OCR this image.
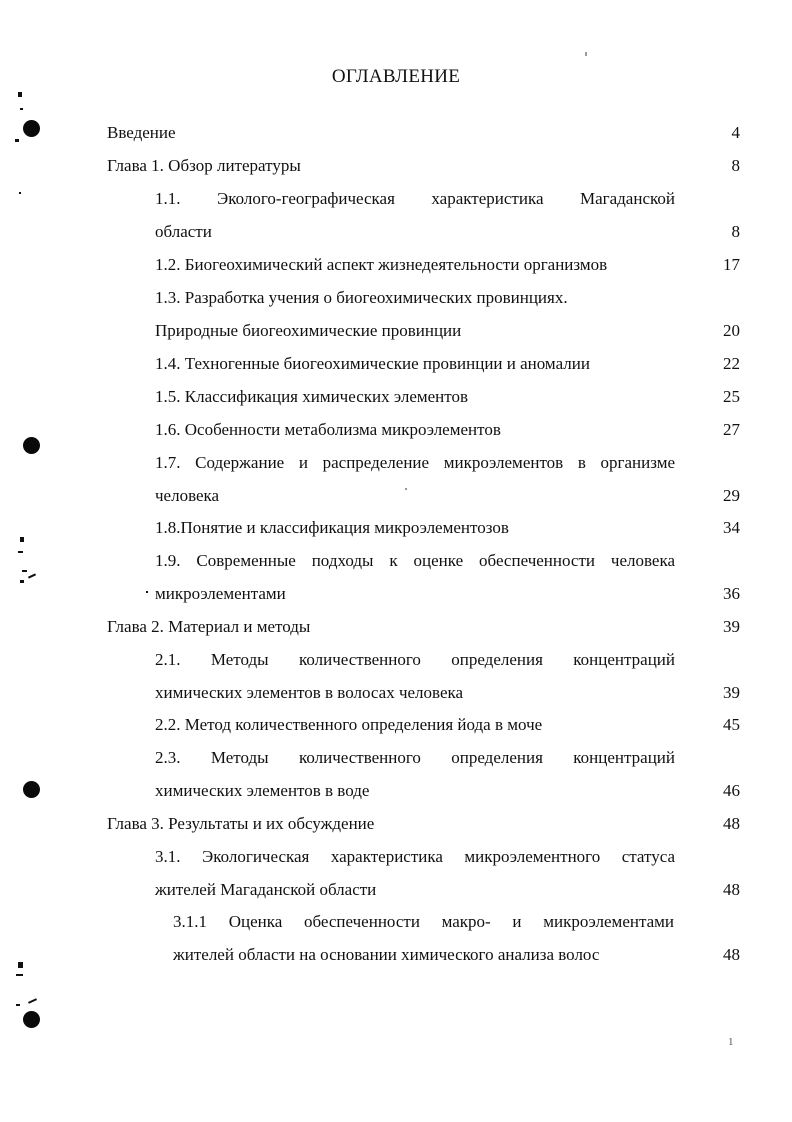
ОГЛАВЛЕНИЕ
Введение	4
Глава 1. Обзор литературы	8
1.1. Эколого-географическая характеристика Магаданской
области	8
1.2. Биогеохимический аспект жизнедеятельности организмов	17
1.3. Разработка учения о биогеохимических провинциях.
Природные биогеохимические провинции	20
1.4. Техногенные биогеохимические провинции и аномалии	22
1.5. Классификация химических элементов	25
1.6. Особенности метаболизма микроэлементов	27
1.7. Содержание и распределение микроэлементов в организме
человека	29
1.8.Понятие и классификация микроэлементозов	34
1.9. Современные подходы к оценке обеспеченности человека
микроэлементами	36
Глава 2. Материал и методы	39
2.1. Методы количественного определения концентраций
химических элементов в волосах человека	39
2.2. Метод количественного определения йода в моче	45
2.3. Методы количественного определения концентраций
химических элементов в воде	46
Глава 3. Результаты и их обсуждение	48
3.1. Экологическая характеристика микроэлементного статуса
жителей Магаданской области	48
3.1.1 Оценка обеспеченности макро- и микроэлементами
жителей области на основании химического анализа волос	48
1
